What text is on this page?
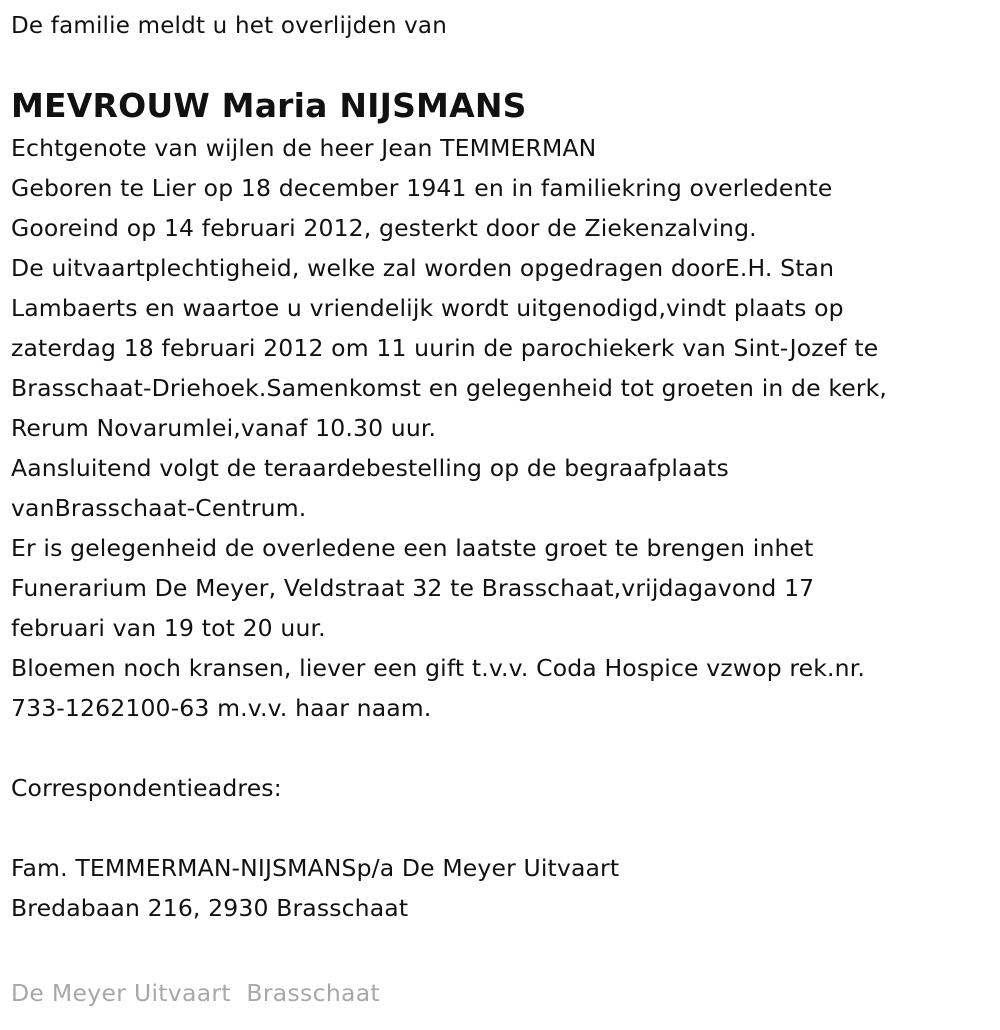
De familie meldt u het overlijden van

MEVROUW Maria NIJSMANS
Echtgenote van wijlen de heer Jean TEMMERMAN
Geboren te Lier op 18 december 1941 en in familiekring overledente
Gooreind op 14 februari 2012, gesterkt door de Ziekenzalving.
De uitvaartplechtigheid, welke zal worden opgedragen doorE.H. Stan
Lambaerts en waartoe u vriendelijk wordt uitgenodigd,vindt plaats op
zaterdag 18 februari 2012 om 11 uurin de parochiekerk van Sint-Jozef te
Brasschaat-Driehoek.Samenkomst en gelegenheid tot groeten in de kerk,
Rerum Novarumlei,vanaf 10.30 uur.
Aansluitend volgt de teraardebestelling op de begraafplaats
vanBrasschaat-Centrum.
Er is gelegenheid de overledene een laatste groet te brengen inhet
Funerarium De Meyer, Veldstraat 32 te Brasschaat,vrijdagavond 17
februari van 19 tot 20 uur.
Bloemen noch kransen, liever een gift t.v.v. Coda Hospice vzwop rek.nr.
733-1262100-63 m.v.v. haar naam.
Correspondentieadres:
Fam. TEMMERMAN-NIJSMANSp/a De Meyer Uitvaart
Bredabaan 216, 2930 Brasschaat
De Meyer Uitvaart  Brasschaat
